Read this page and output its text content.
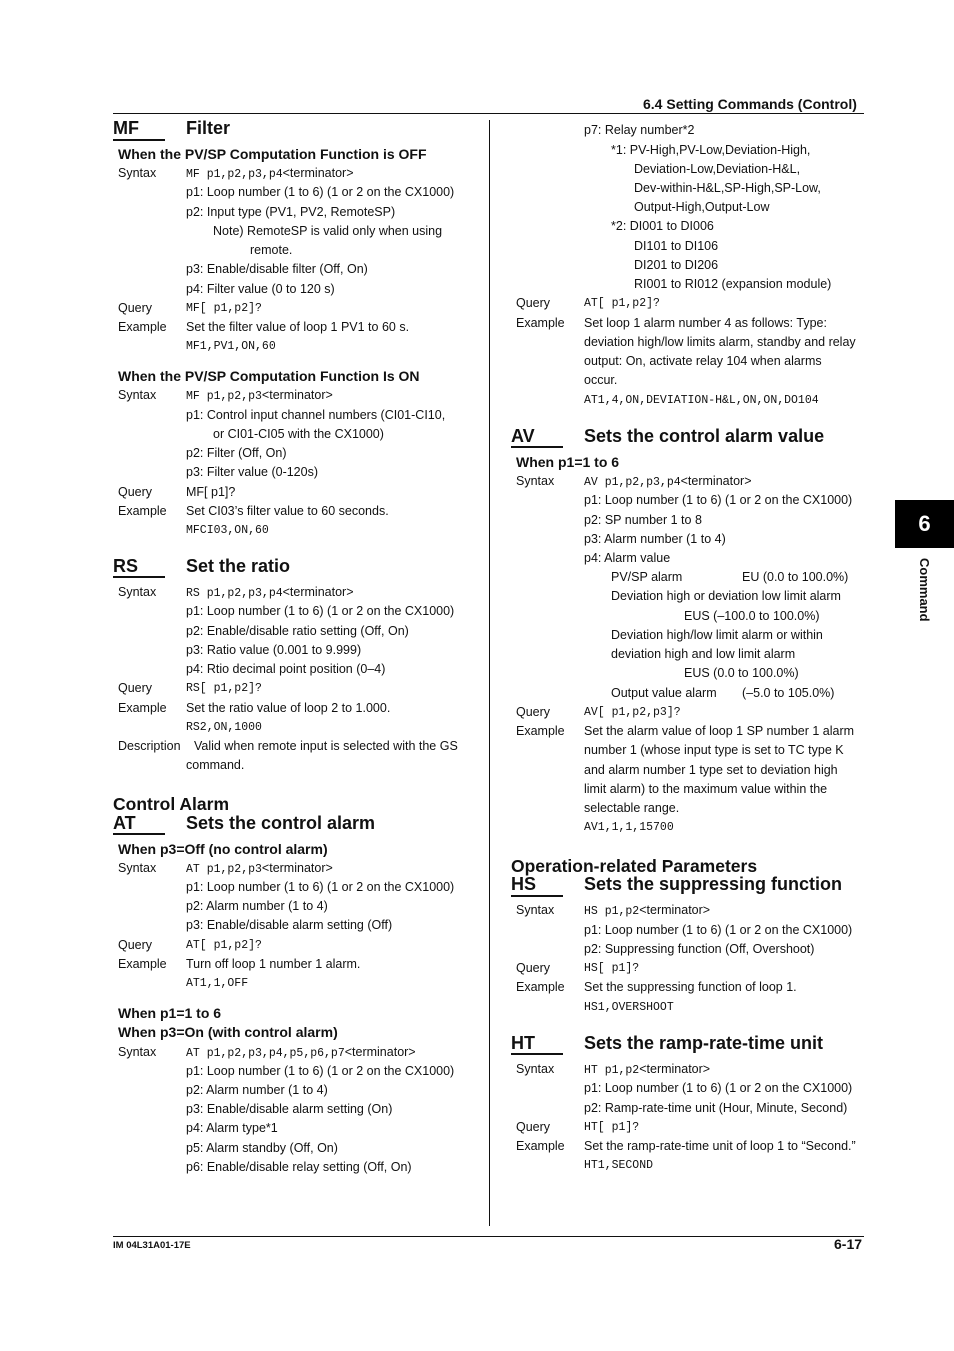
6.4 Setting Commands (Control)
6
Command
MF	Filter
When the PV/SP Computation Function is OFF
Syntax	MF p1,p2,p3,p4<terminator>
p1: Loop number (1 to 6) (1 or 2 on the CX1000)
p2: Input type (PV1, PV2, RemoteSP)
Note) RemoteSP is valid only when using
remote.
p3: Enable/disable filter (Off, On)
p4: Filter value (0 to 120 s)
Query	MF[ p1,p2]?
Example Set the filter value of loop 1 PV1 to 60 s.
MF1,PV1,ON,60
When the PV/SP Computation Function Is ON
Syntax	MF p1,p2,p3<terminator>
p1: Control input channel numbers (CI01-CI10,
or CI01-CI05 with the CX1000)
p2: Filter (Off, On)
p3: Filter value (0-120s)
Query	MF[ p1]?
Example Set CI03’s filter value to 60 seconds.
MFCI03,ON,60
RS	Set the ratio
Syntax	RS p1,p2,p3,p4<terminator>
p1: Loop number (1 to 6) (1 or 2 on the CX1000)
p2: Enable/disable ratio setting (Off, On)
p3: Ratio value (0.001 to 9.999)
p4: Rtio decimal point position (0–4)
Query	RS[ p1,p2]?
Example Set the ratio value of loop 2 to 1.000.
RS2,ON,1000
Description Valid when remote input is selected with the GS
command.
Control Alarm
AT	Sets the control alarm
When p3=Off (no control alarm)
Syntax	AT p1,p2,p3<terminator>
p1: Loop number (1 to 6) (1 or 2 on the CX1000)
p2: Alarm number (1 to 4)
p3: Enable/disable alarm setting (Off)
Query	AT[ p1,p2]?
Example Turn off loop 1 number 1 alarm.
AT1,1,OFF
When p1=1 to 6
When p3=On (with control alarm)
Syntax	AT p1,p2,p3,p4,p5,p6,p7<terminator>
p1: Loop number (1 to 6) (1 or 2 on the CX1000)
p2: Alarm number (1 to 4)
p3: Enable/disable alarm setting (On)
p4: Alarm type*1
p5: Alarm standby (Off, On)
p6: Enable/disable relay setting (Off, On)
p7: Relay number*2
*1: PV-High,PV-Low,Deviation-High,
Deviation-Low,Deviation-H&L,
Dev-within-H&L,SP-High,SP-Low,
Output-High,Output-Low
*2: DI001 to DI006
DI101 to DI106
DI201 to DI206
RI001 to RI012 (expansion module)
Query	AT[ p1,p2]?
Example Set loop 1 alarm number 4 as follows: Type:
deviation high/low limits alarm, standby and relay
output: On, activate relay 104 when alarms
occur.
AT1,4,ON,DEVIATION-H&L,ON,ON,DO104
AV	Sets the control alarm value
When p1=1 to 6
Syntax	AV p1,p2,p3,p4<terminator>
p1: Loop number (1 to 6) (1 or 2 on the CX1000)
p2: SP number 1 to 8
p3: Alarm number (1 to 4)
p4: Alarm value
PV/SP alarm	EU (0.0 to 100.0%)
Deviation high or deviation low limit alarm
EUS (–100.0 to 100.0%)
Deviation high/low limit alarm or within
deviation high and low limit alarm
EUS (0.0 to 100.0%)
Output value alarm (–5.0 to 105.0%)
Query	AV[ p1,p2,p3]?
Example Set the alarm value of loop 1 SP number 1 alarm
number 1 (whose input type is set to TC type K
and alarm number 1 type set to deviation high
limit alarm) to the maximum value within the
selectable range.
AV1,1,1,15700
Operation-related Parameters
HS	Sets the suppressing function
Syntax	HS p1,p2<terminator>
p1: Loop number (1 to 6) (1 or 2 on the CX1000)
p2: Suppressing function (Off, Overshoot)
Query	HS[ p1]?
Example Set the suppressing function of loop 1.
HS1,OVERSHOOT
HT	Sets the ramp-rate-time unit
Syntax	HT p1,p2<terminator>
p1: Loop number (1 to 6) (1 or 2 on the CX1000)
p2: Ramp-rate-time unit (Hour, Minute, Second)
Query	HT[ p1]?
Example Set the ramp-rate-time unit of loop 1 to “Second.”
HT1,SECOND
IM 04L31A01-17E	6-17
